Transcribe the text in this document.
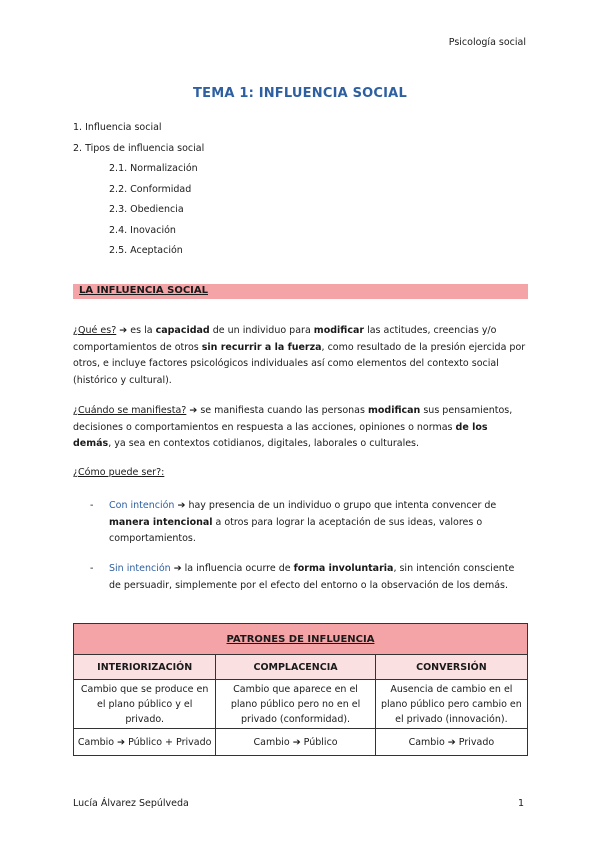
Psicología social
TEMA 1: INFLUENCIA SOCIAL
1. Influencia social
2. Tipos de influencia social
2.1. Normalización
2.2. Conformidad
2.3. Obediencia
2.4. Inovación
2.5. Aceptación
LA INFLUENCIA SOCIAL
¿Qué es? ➔ es la capacidad de un individuo para modificar las actitudes, creencias y/o comportamientos de otros sin recurrir a la fuerza, como resultado de la presión ejercida por otros, e incluye factores psicológicos individuales así como elementos del contexto social (histórico y cultural).
¿Cuándo se manifiesta? ➔ se manifiesta cuando las personas modifican sus pensamientos, decisiones o comportamientos en respuesta a las acciones, opiniones o normas de los demás, ya sea en contextos cotidianos, digitales, laborales o culturales.
¿Cómo puede ser?:
-	Con intención ➔ hay presencia de un individuo o grupo que intenta convencer de manera intencional a otros para lograr la aceptación de sus ideas, valores o comportamientos.
-	Sin intención ➔ la influencia ocurre de forma involuntaria, sin intención consciente de persuadir, simplemente por el efecto del entorno o la observación de los demás.
PATRONES DE INFLUENCIA		
INTERIORIZACIÓN	COMPLACENCIA	CONVERSIÓN
Cambio que se produce en el plano público y el privado.	Cambio que aparece en el plano público pero no en el privado (conformidad).	Ausencia de cambio en el plano público pero cambio en el privado (innovación).
Cambio ➔ Público + Privado	Cambio ➔ Público	Cambio ➔ Privado
Lucía Álvarez Sepúlveda	1
